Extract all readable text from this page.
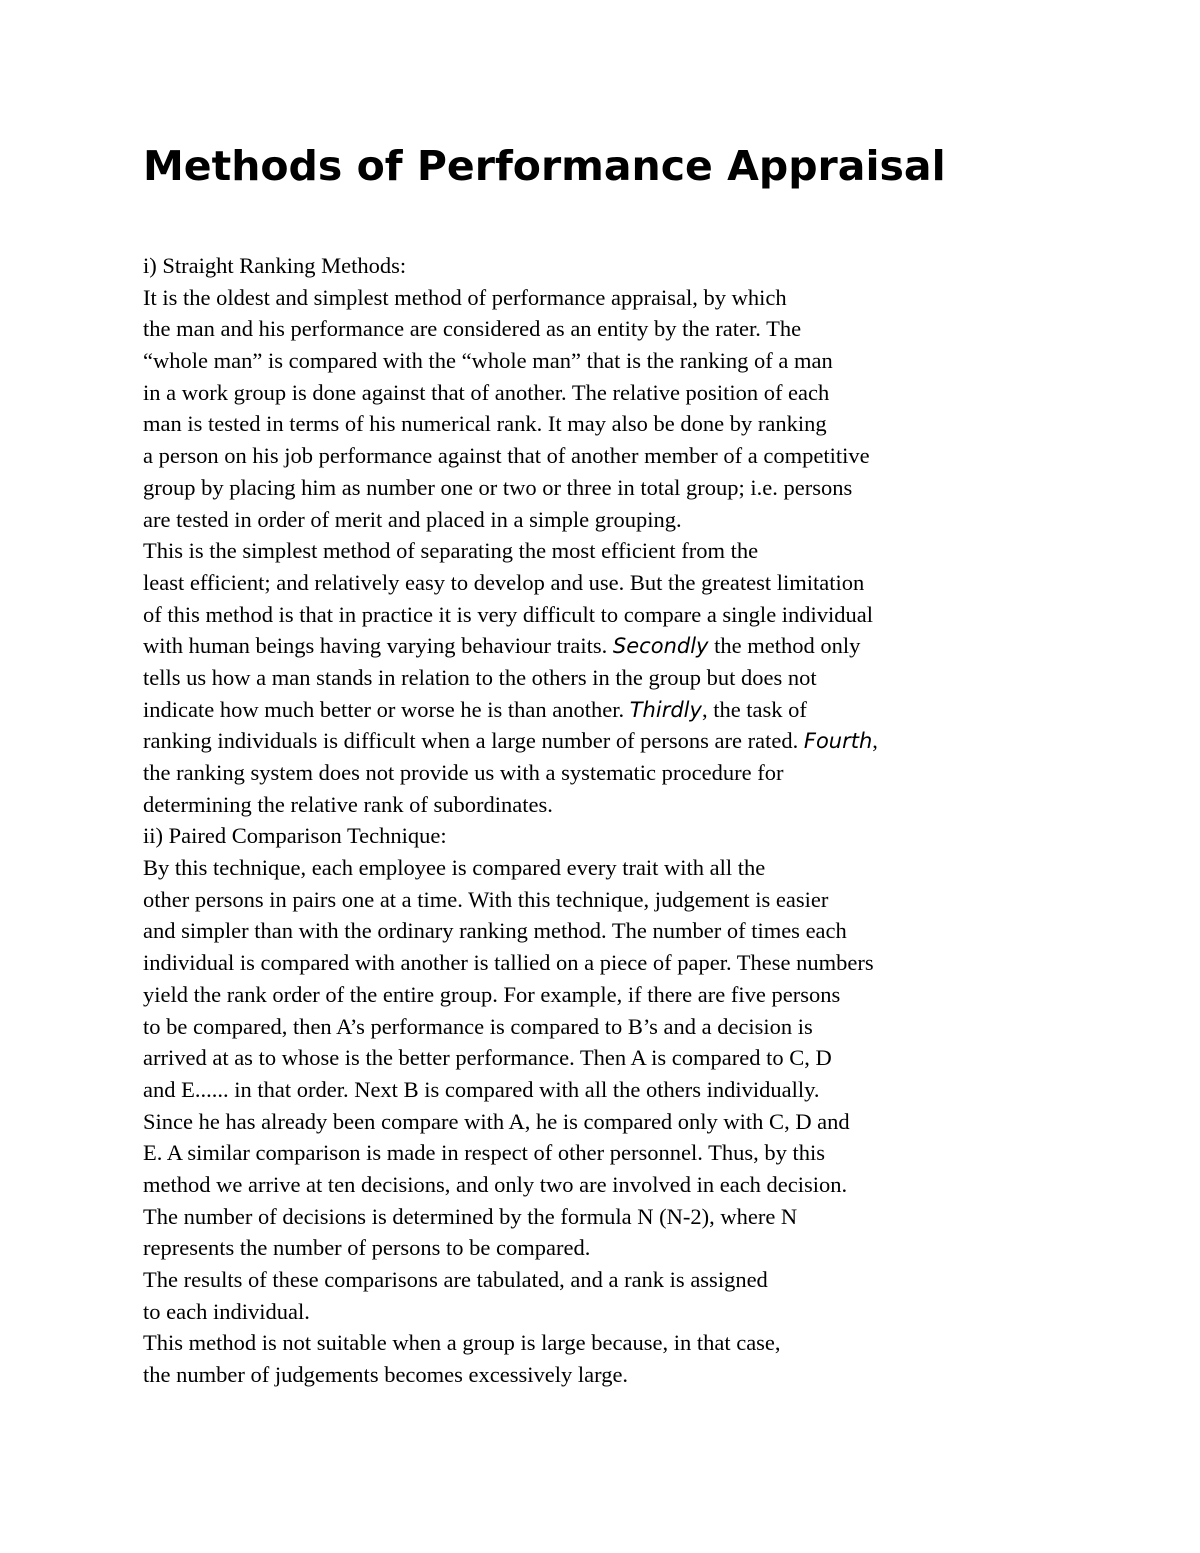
Methods of Performance Appraisal
i) Straight Ranking Methods:
It is the oldest and simplest method of performance appraisal, by which
the man and his performance are considered as an entity by the rater. The
“whole man” is compared with the “whole man” that is the ranking of a man
in a work group is done against that of another. The relative position of each
man is tested in terms of his numerical rank. It may also be done by ranking
a person on his job performance against that of another member of a competitive
group by placing him as number one or two or three in total group; i.e. persons
are tested in order of merit and placed in a simple grouping.
This is the simplest method of separating the most efficient from the
least efficient; and relatively easy to develop and use. But the greatest limitation
of this method is that in practice it is very difficult to compare a single individual
with human beings having varying behaviour traits. Secondly the method only
tells us how a man stands in relation to the others in the group but does not
indicate how much better or worse he is than another. Thirdly, the task of
ranking individuals is difficult when a large number of persons are rated. Fourth,
the ranking system does not provide us with a systematic procedure for
determining the relative rank of subordinates.
ii) Paired Comparison Technique:
By this technique, each employee is compared every trait with all the
other persons in pairs one at a time. With this technique, judgement is easier
and simpler than with the ordinary ranking method. The number of times each
individual is compared with another is tallied on a piece of paper. These numbers
yield the rank order of the entire group. For example, if there are five persons
to be compared, then A’s performance is compared to B’s and a decision is
arrived at as to whose is the better performance. Then A is compared to C, D
and E...... in that order. Next B is compared with all the others individually.
Since he has already been compare with A, he is compared only with C, D and
E. A similar comparison is made in respect of other personnel. Thus, by this
method we arrive at ten decisions, and only two are involved in each decision.
The number of decisions is determined by the formula N (N-2), where N
represents the number of persons to be compared.
The results of these comparisons are tabulated, and a rank is assigned
to each individual.
This method is not suitable when a group is large because, in that case,
the number of judgements becomes excessively large.
